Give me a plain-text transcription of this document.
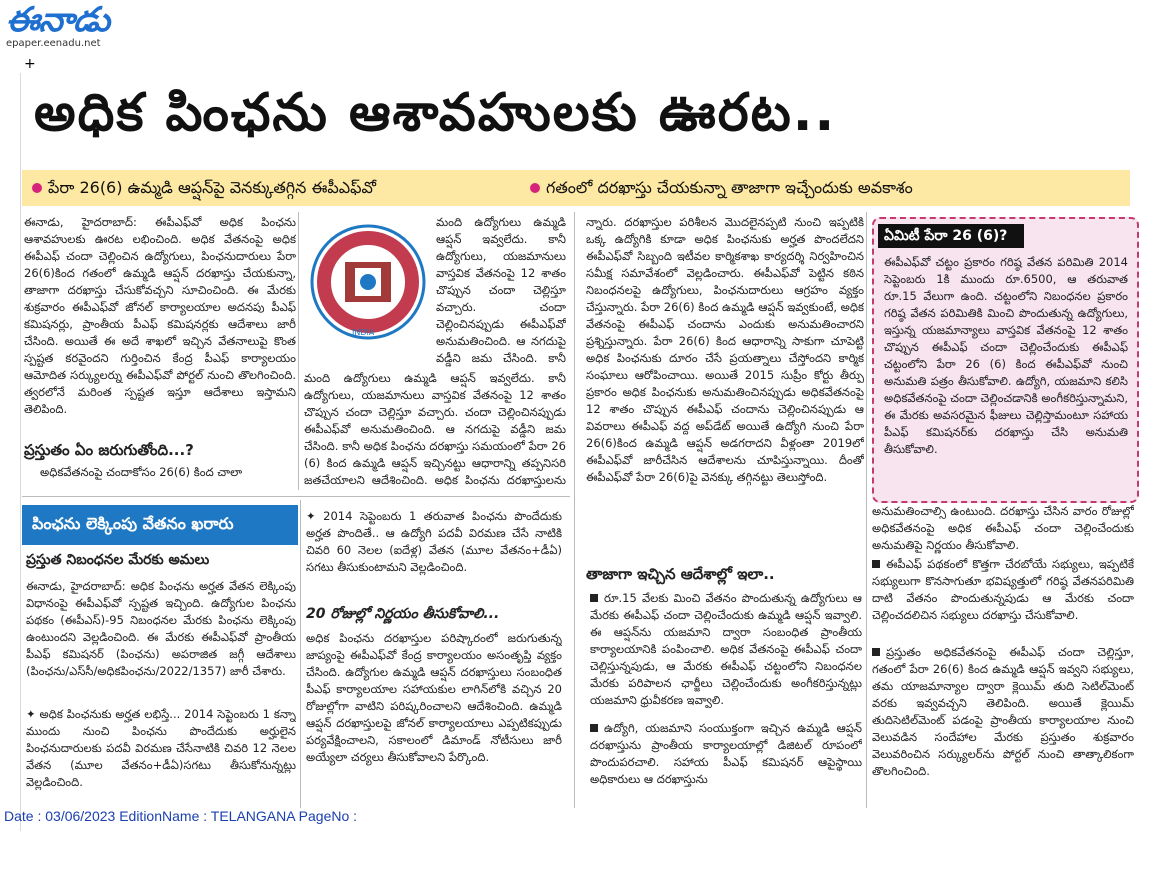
ఈనాడు
epaper.eenadu.net
+
అధిక పింఛను ఆశావహులకు ఊరట..
పేరా 26(6) ఉమ్మడి ఆప్షన్‌పై వెనక్కుతగ్గిన ఈపీఎఫ్‌వో	గతంలో దరఖాస్తు చేయకున్నా తాజాగా ఇచ్చేందుకు అవకాశం
ఈనాడు, హైదరాబాద్: ఈపీఎఫ్‌వో అధిక పింఛను ఆశావహులకు ఊరట లభించింది. అధిక వేతనంపై అధిక ఈపీఎఫ్ చందా చెల్లించిన ఉద్యోగులు, పింఛనుదారులు పేరా 26(6)కింద గతంలో ఉమ్మడి ఆప్షన్ దరఖాస్తు చేయకున్నా, తాజాగా దరఖాస్తు చేసుకోవచ్చని సూచించింది. ఈ మేరకు శుక్రవారం ఈపీఎఫ్‌వో జోనల్ కార్యాలయాల అదనపు పీఎఫ్ కమిషనర్లు, ప్రాంతీయ పీఎఫ్ కమిషనర్లకు ఆదేశాలు జారీ చేసింది. అయితే ఈ అదే శాఖలో ఇచ్చిన వేతనాలుపై కొంత స్పష్టత కరవైందని గుర్తించిన కేంద్ర పీఎఫ్ కార్యాలయం ఆమోదిత సర్క్యులర్ను ఈపీఎఫ్‌వో పోర్టల్ నుంచి తొలగించింది. త్వరలోనే మరింత స్పష్టత ఇస్తూ ఆదేశాలు ఇస్తామని తెలిపింది.
ప్రస్తుతం ఏం జరుగుతోంది...?
అధికవేతనంపై చందాకోసం 26(6) కింద చాలా
INDIA
మంది ఉద్యోగులు ఉమ్మడి ఆప్షన్ ఇవ్వలేదు. కానీ ఉద్యోగులు, యజమానులు వాస్తవిక వేతనంపై 12 శాతం చొప్పున చందా చెల్లిస్తూ వచ్చారు. చందా చెల్లించినప్పుడు ఈపీఎఫ్‌వో అనుమతించింది. ఆ నగదుపై వడ్డీని జమ చేసింది. కానీ
మంది ఉద్యోగులు ఉమ్మడి ఆప్షన్ ఇవ్వలేదు. కానీ ఉద్యోగులు, యజమానులు వాస్తవిక వేతనంపై 12 శాతం చొప్పున చందా చెల్లిస్తూ వచ్చారు. చందా చెల్లించినప్పుడు ఈపీఎఫ్‌వో అనుమతించింది. ఆ నగదుపై వడ్డీని జమ చేసింది. కానీ అధిక పింఛను దరఖాస్తు సమయంలో పేరా 26 (6) కింద ఉమ్మడి ఆప్షన్ ఇచ్చినట్టు ఆధారాన్ని తప్పనిసరి జతచేయాలని ఆదేశించింది. అధిక పింఛను దరఖాస్తులను
న్నారు. దరఖాస్తుల పరిశీలన మొదలైనప్పటి నుంచి ఇప్పటికి ఒక్క ఉద్యోగికి కూడా అధిక పింఛనుకు అర్హత పొందలేదని ఈపీఎఫ్‌వో సిబ్బంది ఇటీవల కార్మికశాఖ కార్యదర్శి నిర్వహించిన సమీక్ష సమావేశంలో వెల్లడించారు. ఈపీఎఫ్‌వో పెట్టిన కఠిన నిబంధనలపై ఉద్యోగులు, పింఛనుదారులు ఆగ్రహం వ్యక్తం చేస్తున్నారు. పేరా 26(6) కింద ఉమ్మడి ఆప్షన్ ఇవ్వకుంటే, అధిక వేతనంపై ఈపీఎఫ్ చందాను ఎందుకు అనుమతించారని ప్రశ్నిస్తున్నారు. పేరా 26(6) కింద ఆధారాన్ని సాకుగా చూపెట్టి అధిక పింఛనుకు దూరం చేసే ప్రయత్నాలు చేస్తోందని కార్మిక సంఘాలు ఆరోపించాయి. అయితే 2015 సుప్రీం కోర్టు తీర్పు ప్రకారం అధిక పింఛనుకు అనుమతించినప్పుడు అధికవేతనంపై 12 శాతం చొప్పున ఈపీఎఫ్ చందాను చెల్లించినప్పుడు ఆ వివరాలు ఈపీఎఫ్ వద్ద అప్‌డేట్ అయితే ఉద్యోగి నుంచి పేరా 26(6)కింద ఉమ్మడి ఆప్షన్ అడగరాదని వీళ్లంతా 2019లో ఈపీఎఫ్‌వో జారీచేసిన ఆదేశాలను చూపిస్తున్నాయి. దీంతో ఈపీఎఫ్‌వో పేరా 26(6)పై వెనక్కు తగ్గినట్టు తెలుస్తోంది.
తాజాగా ఇచ్చిన ఆదేశాల్లో ఇలా..
రూ.15 వేలకు మించి వేతనం పొందుతున్న ఉద్యోగులు ఆ మేరకు ఈపీఎఫ్ చందా చెల్లించేందుకు ఉమ్మడి ఆప్షన్ ఇవ్వాలి. ఈ ఆప్షన్‌ను యజమాని ద్వారా సంబంధిత ప్రాంతీయ కార్యాలయానికి పంపించాలి. అధిక వేతనంపై ఈపీఎఫ్ చందా చెల్లిస్తున్నపుడు, ఆ మేరకు ఈపీఎఫ్ చట్టంలోని నిబంధనల మేరకు పరిపాలన ఛార్జీలు చెల్లించేందుకు అంగీకరిస్తున్నట్లు యజమాని ధ్రువీకరణ ఇవ్వాలి.
ఉద్యోగి, యజమాని సంయుక్తంగా ఇచ్చిన ఉమ్మడి ఆప్షన్ దరఖాస్తును ప్రాంతీయ కార్యాలయాల్లో డిజిటల్ రూపంలో పొందుపరచాలి. సహాయ పీఎఫ్ కమిషనర్ ఆపైస్థాయి అధికారులు ఆ దరఖాస్తును
ఏమిటీ పేరా 26 (6)?
ఈపీఎఫ్‌వో చట్టం ప్రకారం గరిష్ఠ వేతన పరిమితి 2014 సెప్టెంబరు 1కి ముందు రూ.6500, ఆ తరువాత రూ.15 వేలుగా ఉంది. చట్టంలోని నిబంధనల ప్రకారం గరిష్ఠ వేతన పరిమితికి మించి పొందుతున్న ఉద్యోగులు, ఇస్తున్న యజమాన్యాలు వాస్తవిక వేతనంపై 12 శాతం చొప్పున ఈపీఎఫ్ చందా చెల్లించేందుకు ఈపీఎఫ్ చట్టంలోని పేరా 26 (6) కింద ఈపీఎఫ్‌వో నుంచి అనుమతి పత్రం తీసుకోవాలి. ఉద్యోగి, యజమాని కలిసి అధికవేతనంపై చందా చెల్లించడానికి అంగీకరిస్తున్నామని, ఈ మేరకు అవసరమైన ఫీజులు చెల్లిస్తామంటూ సహాయ పీఎఫ్ కమిషనర్‌కు దరఖాస్తు చేసి అనుమతి తీసుకోవాలి.
అనుమతించాల్సి ఉంటుంది. దరఖాస్తు చేసిన వారం రోజుల్లో అధికవేతనంపై అధిక ఈపీఎఫ్ చందా చెల్లించేందుకు అనుమతిపై నిర్ణయం తీసుకోవాలి.
ఈపీఎఫ్ పథకంలో కొత్తగా చేరబోయే సభ్యులు, ఇప్పటికే సభ్యులుగా కొనసాగుతూ భవిష్యత్తులో గరిష్ఠ వేతనపరిమితి దాటి వేతనం పొందుతున్నపుడు ఆ మేరకు చందా చెల్లించదలిచిన సభ్యులు దరఖాస్తు చేసుకోవాలి.
ప్రస్తుతం అధికవేతనంపై ఈపీఎఫ్ చందా చెల్లిస్తూ, గతంలో పేరా 26(6) కింద ఉమ్మడి ఆప్షన్ ఇవ్వని సభ్యులు, తమ యాజమాన్యాల ద్వారా క్లెయిమ్ తుది సెటిల్‌మెంట్ వరకు ఇవ్వవచ్చని తెలిపింది. అయితే క్లెయిమ్ తుదిసెటిల్‌మెంట్ పడంపై ప్రాంతీయ కార్యాలయాల నుంచి వెలువడిన సందేహాల మేరకు ప్రస్తుతం శుక్రవారం వెలువరించిన సర్క్యులర్‌ను పోర్టల్ నుంచి తాత్కాలికంగా తొలగించింది.
పింఛను లెక్కింపు వేతనం ఖరారు
ప్రస్తుత నిబంధనల మేరకు అమలు
ఈనాడు, హైదరాబాద్: అధిక పింఛను అర్హత వేతన లెక్కింపు విధానంపై ఈపీఎఫ్‌వో స్పష్టత ఇచ్చింది. ఉద్యోగుల పింఛను పథకం (ఈపీఎస్)-95 నిబంధనల మేరకు పింఛను లెక్కింపు ఉంటుందని వెల్లడించింది. ఈ మేరకు ఈపీఎఫ్‌వో ప్రాంతీయ పీఎఫ్ కమిషనర్ (పింఛను) అపరాజిత జగ్గీ ఆదేశాలు (పింఛను/ఎస్‌సీ/అధికపింఛను/2022/1357) జారీ చేశారు.
✦ అధిక పింఛనుకు అర్హత లభిస్తే... 2014 సెప్టెంబరు 1 కన్నా ముందు నుంచి పింఛను పొందేదుకు అర్హులైన పింఛనుదారులకు పదవీ విరమణ చేసేనాటికి చివరి 12 నెలల వేతన (మూల వేతనం+డీఏ)సగటు తీసుకోనున్నట్లు వెల్లడించింది.
✦ 2014 సెప్టెంబరు 1 తరువాత పింఛను పొందేదుకు అర్హత పొందితే.. ఆ ఉద్యోగి పదవీ విరమణ చేసే నాటికి చివరి 60 నెలల (ఐదేళ్ల) వేతన (మూల వేతనం+డీఏ) సగటు తీసుకుంటామని వెల్లడించింది.
20 రోజుల్లో నిర్ణయం తీసుకోవాలి...
అధిక పింఛను దరఖాస్తుల పరిష్కారంలో జరుగుతున్న జాప్యంపై ఈపీఎఫ్‌వో కేంద్ర కార్యాలయం అసంతృప్తి వ్యక్తం చేసింది. ఉద్యోగుల ఉమ్మడి ఆప్షన్ దరఖాస్తులు సంబంధిత పీఎఫ్ కార్యాలయాల సహాయకుల లాగిన్‌లోకి వచ్చిన 20 రోజుల్లోగా వాటిని పరిష్కరించాలని ఆదేశించింది. ఉమ్మడి ఆప్షన్ దరఖాస్తులపై జోనల్ కార్యాలయాలు ఎప్పటికప్పుడు పర్యవేక్షించాలని, సకాలంలో డిమాండ్ నోటీసులు జారీ అయ్యేలా చర్యలు తీసుకోవాలని పేర్కొంది.
Date : 03/06/2023 EditionName : TELANGANA PageNo :
